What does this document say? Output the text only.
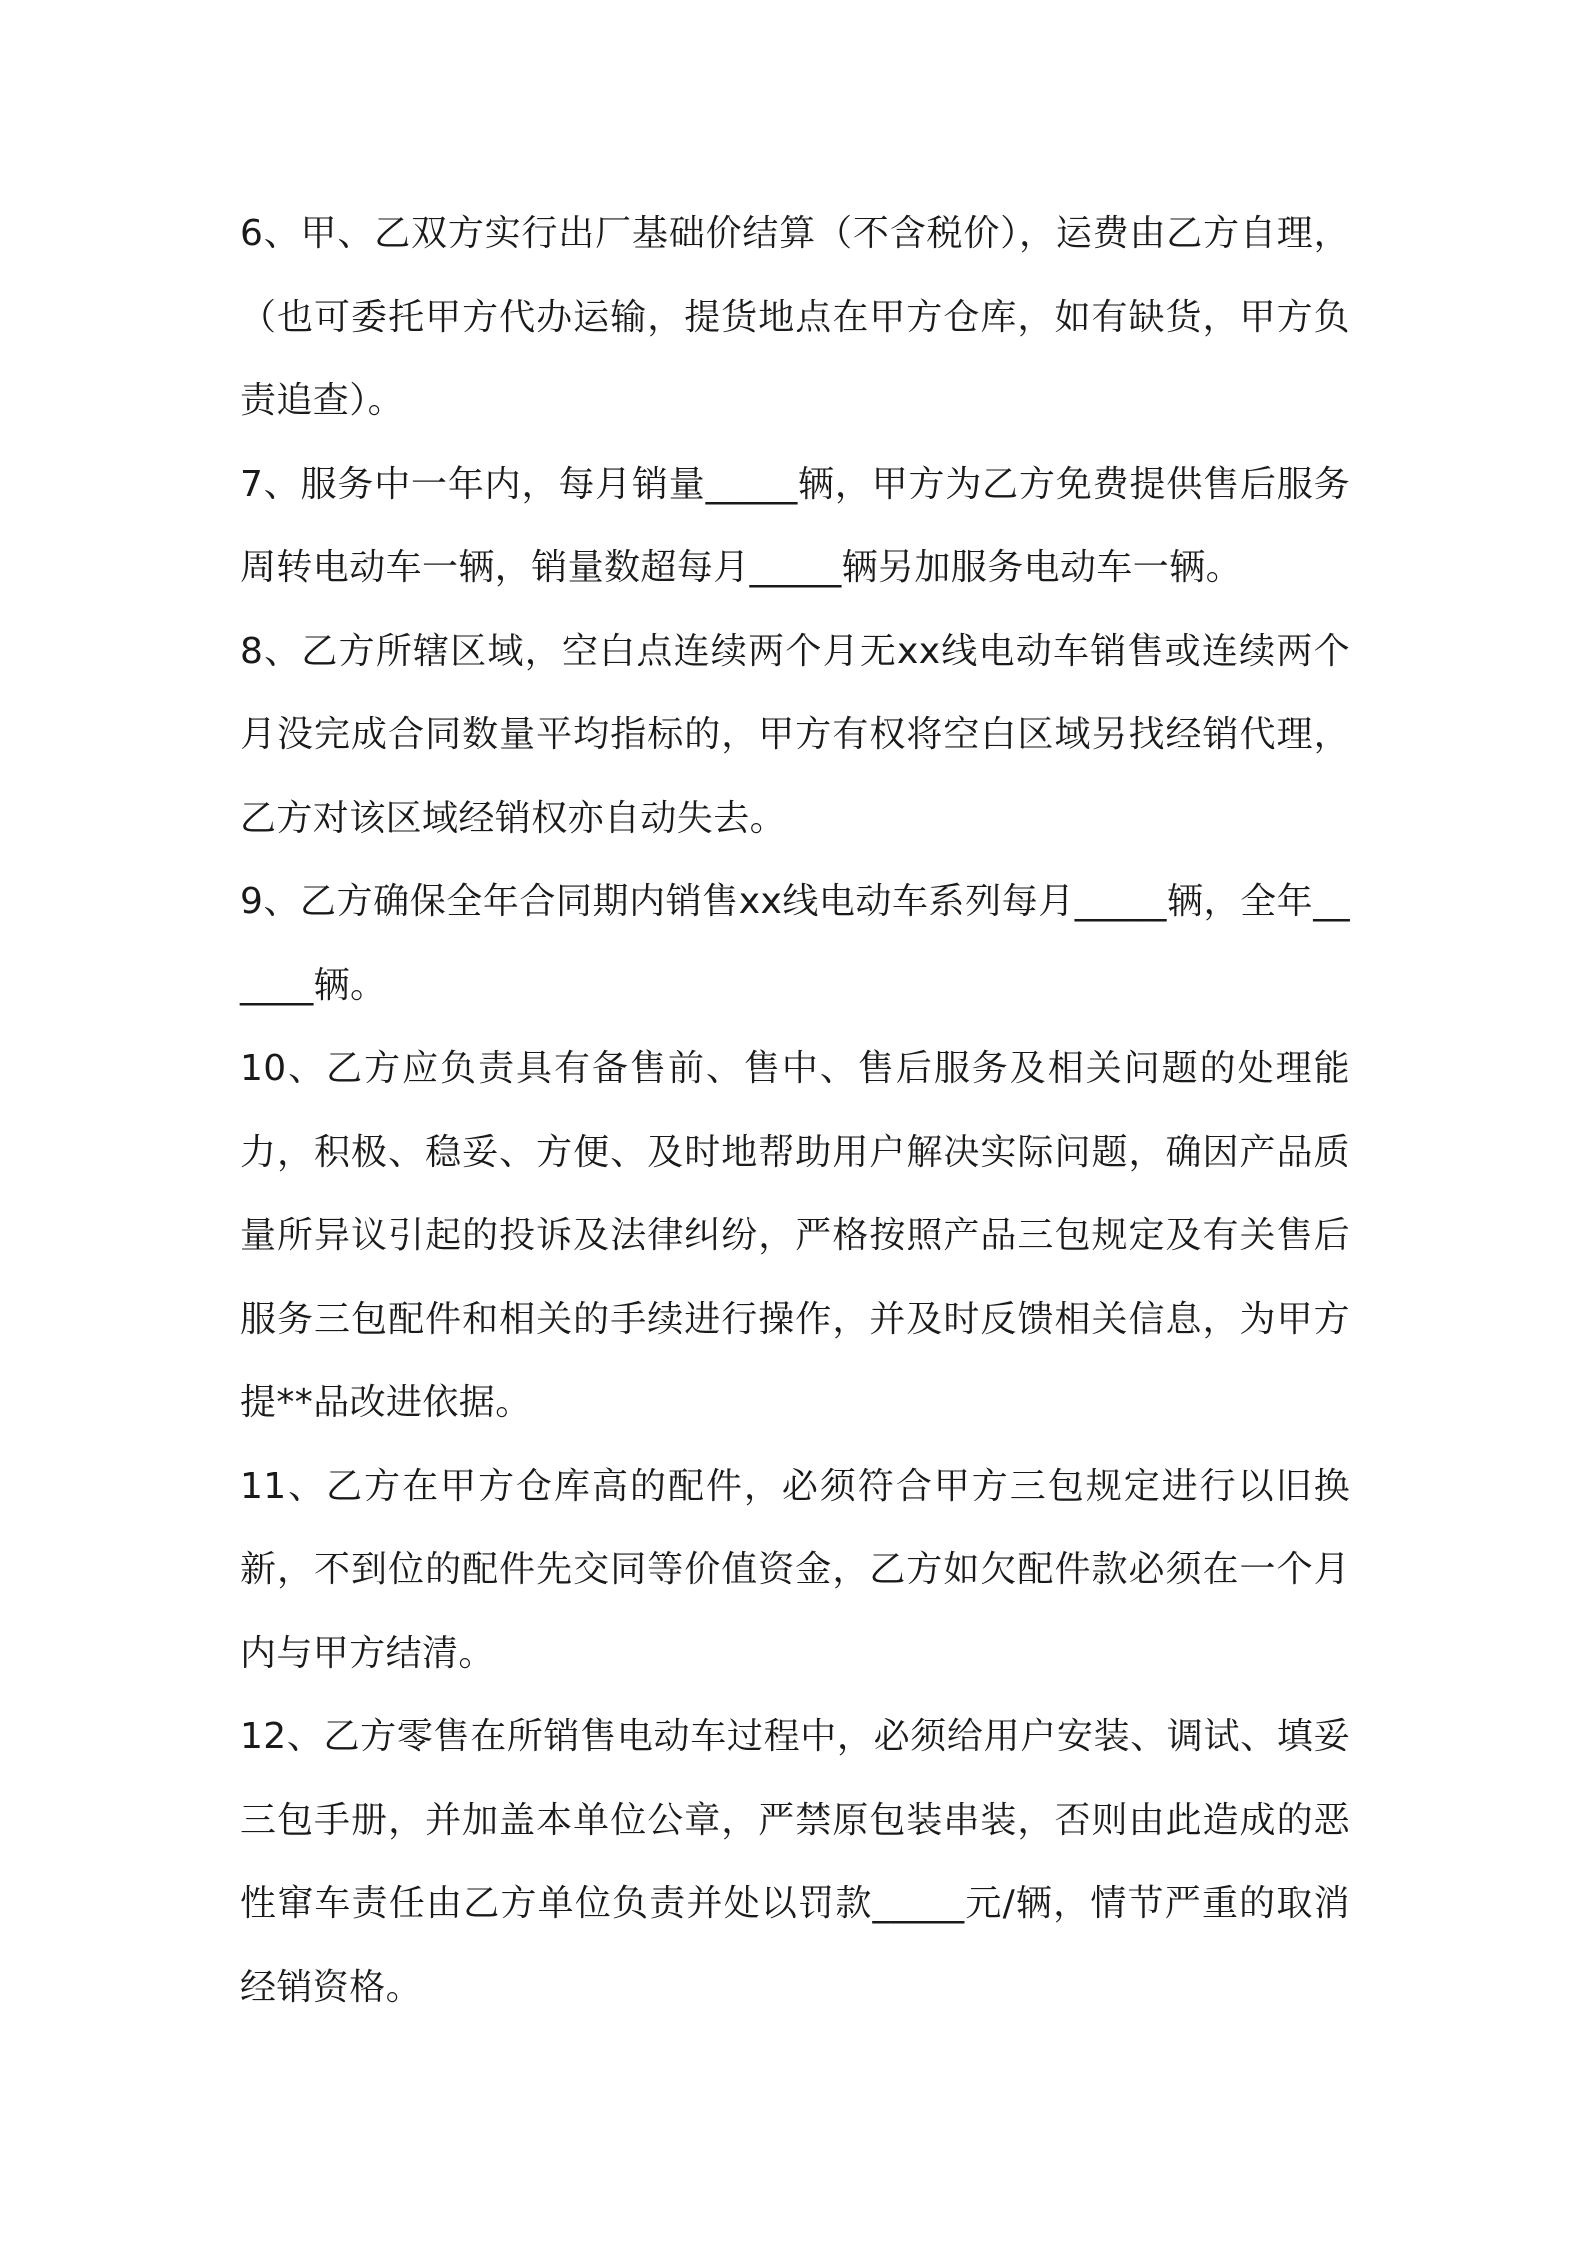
6、甲、乙双方实行出厂基础价结算（不含税价），运费由乙方自理，（也可委托甲方代办运输，提货地点在甲方仓库，如有缺货，甲方负责追查）。

7、服务中一年内，每月销量_____辆，甲方为乙方免费提供售后服务周转电动车一辆，销量数超每月_____辆另加服务电动车一辆。

8、乙方所辖区域，空白点连续两个月无xx线电动车销售或连续两个月没完成合同数量平均指标的，甲方有权将空白区域另找经销代理，乙方对该区域经销权亦自动失去。

9、乙方确保全年合同期内销售xx线电动车系列每月_____辆，全年______辆。

10、乙方应负责具有备售前、售中、售后服务及相关问题的处理能力，积极、稳妥、方便、及时地帮助用户解决实际问题，确因产品质量所异议引起的投诉及法律纠纷，严格按照产品三包规定及有关售后服务三包配件和相关的手续进行操作，并及时反馈相关信息，为甲方提**品改进依据。

11、乙方在甲方仓库高的配件，必须符合甲方三包规定进行以旧换新，不到位的配件先交同等价值资金，乙方如欠配件款必须在一个月内与甲方结清。

12、乙方零售在所销售电动车过程中，必须给用户安装、调试、填妥三包手册，并加盖本单位公章，严禁原包装串装，否则由此造成的恶性窜车责任由乙方单位负责并处以罚款_____元/辆，情节严重的取消经销资格。
